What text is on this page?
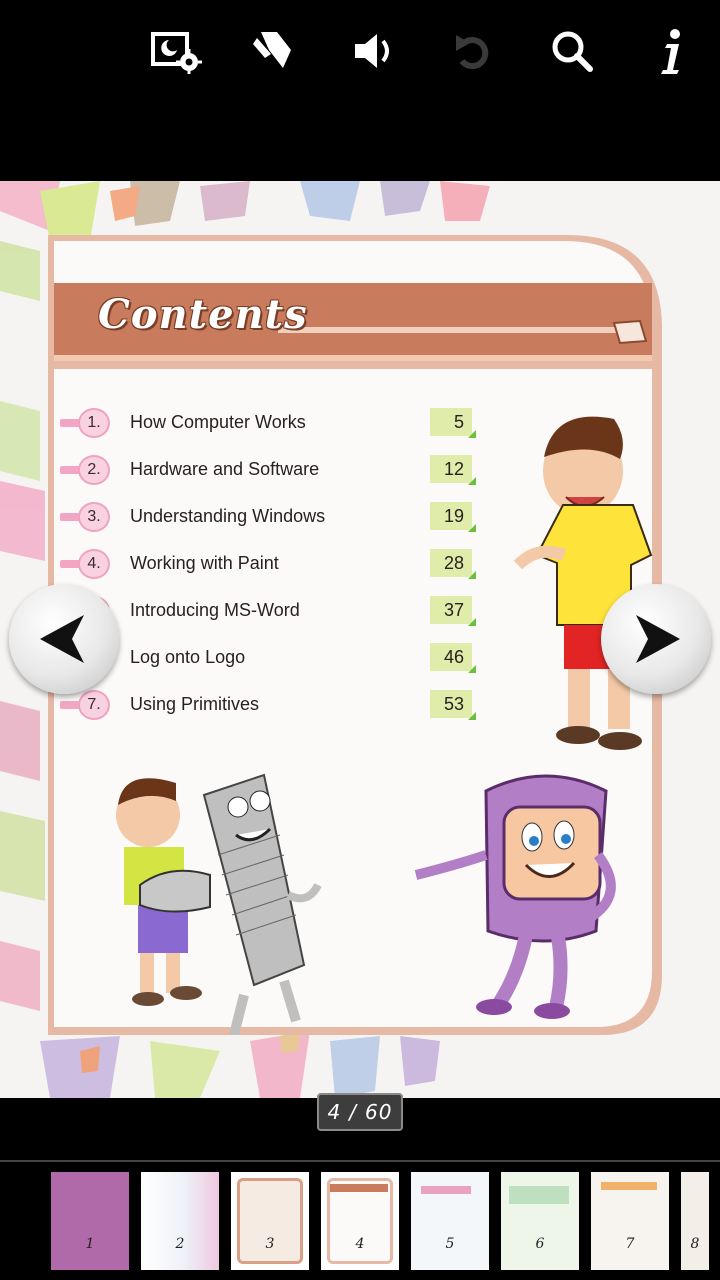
Contents
1.	How Computer Works	5
2.	Hardware and Software	12
3.	Understanding Windows	19
4.	Working with Paint	28
Introducing MS-Word	37
Log onto Logo	46
7.	Using Primitives	53
4 / 60
1	2	3	4	5	6	7	8
